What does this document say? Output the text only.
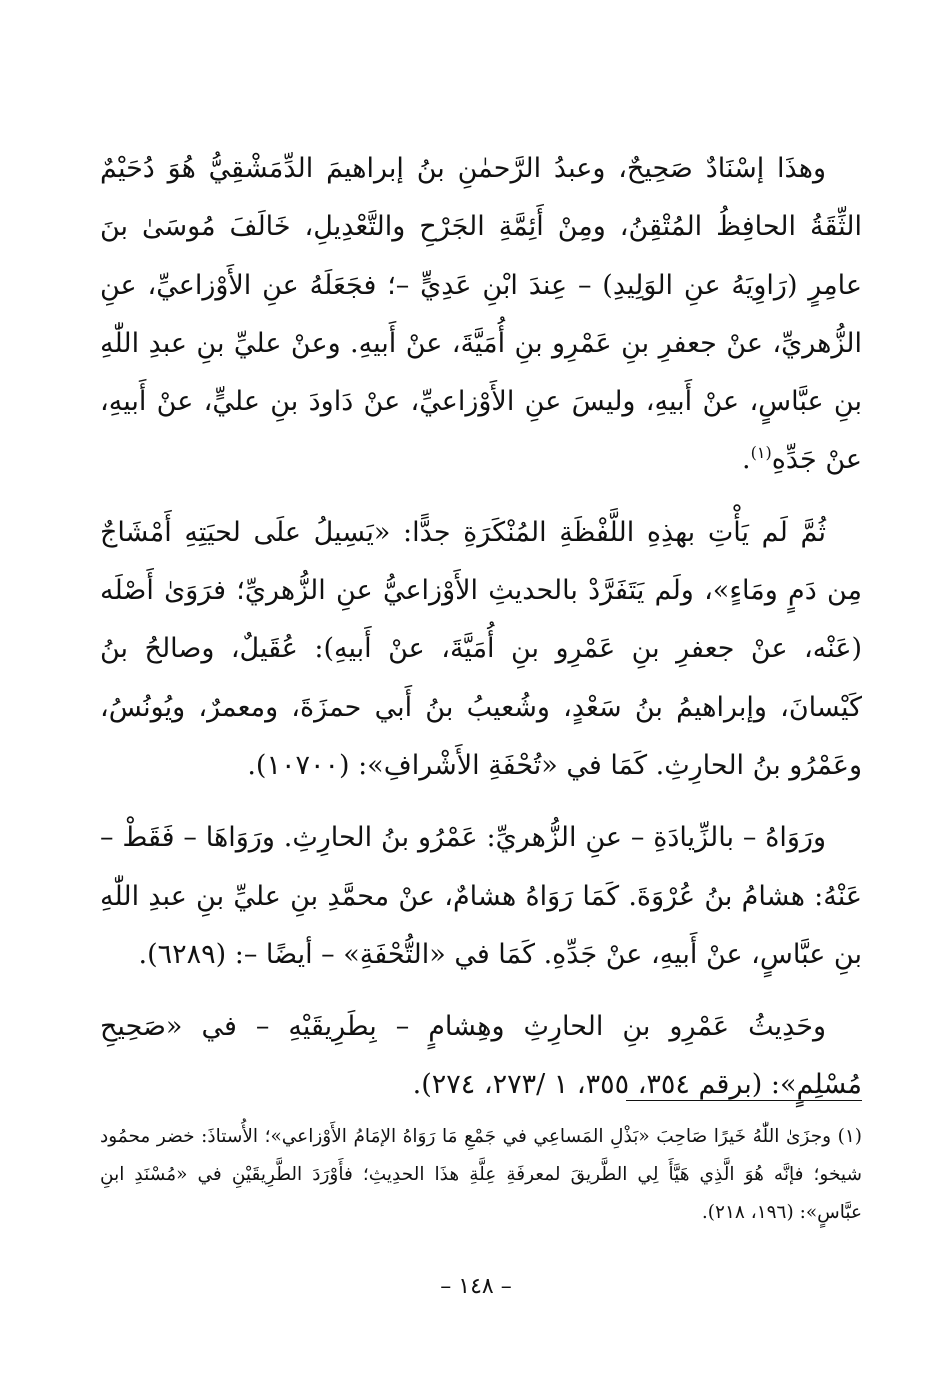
وهذَا إسْنَادٌ صَحِيحٌ، وعبدُ الرَّحمٰنِ بنُ إبراهيمَ الدِّمَشْقِيُّ هُوَ دُحَيْمٌ الثِّقَةُ الحافِظُ المُتْقِنُ، ومِنْ أَئِمَّةِ الجَرْحِ والتَّعْدِيلِ، خَالَفَ مُوسَىٰ بنَ عامِرٍ (رَاوِيَهُ عنِ الوَلِيدِ) – عِندَ ابْنِ عَدِيٍّ –؛ فجَعَلَهُ عنِ الأَوْزاعيِّ، عنِ الزُّهريِّ، عنْ جعفرِ بنِ عَمْرِو بنِ أُمَيَّةَ، عنْ أَبيهِ. وعنْ عليِّ بنِ عبدِ اللّٰهِ بنِ عبَّاسٍ، عنْ أَبيهِ، وليسَ عنِ الأَوْزاعيِّ، عنْ دَاودَ بنِ عليٍّ، عنْ أَبيهِ، عنْ جَدِّهِ$^{(١)}$.

ثُمَّ لَم يَأْتِ بهذِهِ اللَّفْظَةِ المُنْكَرَةِ جدًّا: «يَسِيلُ علَى لحيَتِهِ أَمْشَاجٌ مِن دَمٍ ومَاءٍ»، ولَم يَتَفَرَّدْ بالحديثِ الأَوْزاعيُّ عنِ الزُّهريِّ؛ فرَوَىٰ أَصْلَه (عَنْه، عنْ جعفرِ بنِ عَمْرِو بنِ أُمَيَّةَ، عنْ أَبيهِ): عُقَيلٌ، وصالحُ بنُ كَيْسانَ، وإبراهيمُ بنُ سَعْدٍ، وشُعيبُ بنُ أَبي حمزَةَ، ومعمرٌ، ويُونُسُ، وعَمْرُو بنُ الحارِثِ. كَمَا في «تُحْفَةِ الأَشْرافِ»: (١٠٧٠٠).

ورَوَاهُ – بالزِّيادَةِ – عنِ الزُّهريِّ: عَمْرُو بنُ الحارِثِ. ورَوَاهَا – فَقَطْ – عَنْهُ: هشامُ بنُ عُرْوَةَ. كَمَا رَوَاهُ هشامٌ، عنْ محمَّدِ بنِ عليِّ بنِ عبدِ اللّٰهِ بنِ عبَّاسٍ، عنْ أَبيهِ، عنْ جَدِّهِ. كَمَا في «التُّحْفَةِ» – أيضًا –: (٦٢٨٩).

وحَدِيثُ عَمْرِو بنِ الحارِثِ وهِشامٍ – بِطَرِيقَيْهِ – في «صَحِيحِ مُسْلِمٍ»: (برقم ٣٥٤، ٣٥٥، ١ /٢٧٣، ٢٧٤).

(١) وجزَىٰ اللّٰهُ خَيرًا صَاحِبَ «بَذْلِ المَساعِي في جَمْعِ مَا رَوَاهُ الإمَامُ الأَوْزاعي»؛ الأُستاذَ: خضر محمُود شيخو؛ فإنَّه هُوَ الَّذِي هَيَّأَ لِي الطَّريقَ لمعرفَةِ عِلَّةِ هذَا الحدِيثِ؛ فأَوْرَدَ الطَّرِيقَيْنِ في «مُسْنَدِ ابنِ عبَّاسٍ»: (١٩٦، ٢١٨).

– ١٤٨ –
